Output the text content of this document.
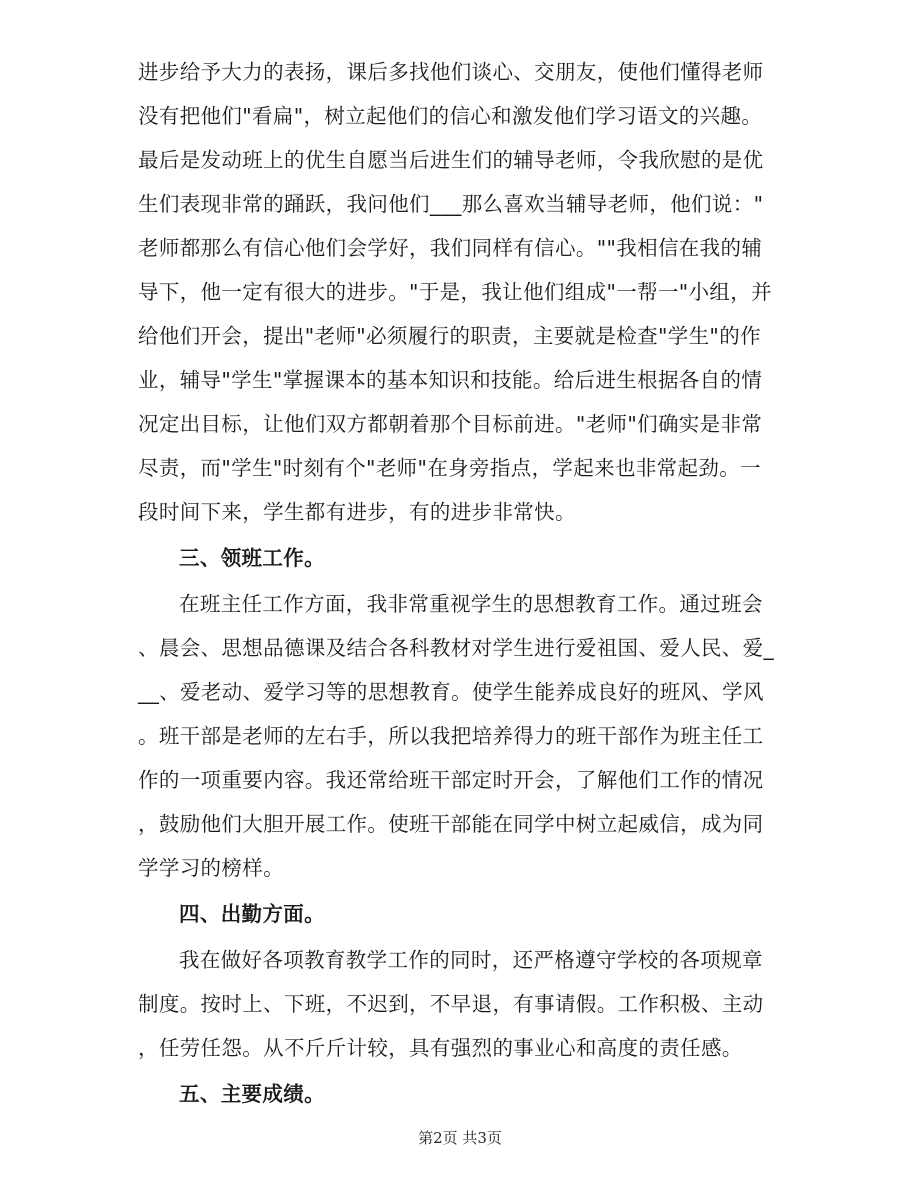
进步给予大力的表扬，课后多找他们谈心、交朋友，使他们懂得老师
没有把他们"看扁"，树立起他们的信心和激发他们学习语文的兴趣。
最后是发动班上的优生自愿当后进生们的辅导老师，令我欣慰的是优
生们表现非常的踊跃，我问他们___那么喜欢当辅导老师，他们说："
老师都那么有信心他们会学好，我们同样有信心。""我相信在我的辅
导下，他一定有很大的进步。"于是，我让他们组成"一帮一"小组，并
给他们开会，提出"老师"必须履行的职责，主要就是检查"学生"的作
业，辅导"学生"掌握课本的基本知识和技能。给后进生根据各自的情
况定出目标，让他们双方都朝着那个目标前进。"老师"们确实是非常
尽责，而"学生"时刻有个"老师"在身旁指点，学起来也非常起劲。一
段时间下来，学生都有进步，有的进步非常快。
三、领班工作。
在班主任工作方面，我非常重视学生的思想教育工作。通过班会
、晨会、思想品德课及结合各科教材对学生进行爱祖国、爱人民、爱_
__、爱老动、爱学习等的思想教育。使学生能养成良好的班风、学风
。班干部是老师的左右手，所以我把培养得力的班干部作为班主任工
作的一项重要内容。我还常给班干部定时开会，了解他们工作的情况
，鼓励他们大胆开展工作。使班干部能在同学中树立起威信，成为同
学学习的榜样。
四、出勤方面。
我在做好各项教育教学工作的同时，还严格遵守学校的各项规章
制度。按时上、下班，不迟到，不早退，有事请假。工作积极、主动
，任劳任怨。从不斤斤计较，具有强烈的事业心和高度的责任感。
第2页 共3页
五、主要成绩。
